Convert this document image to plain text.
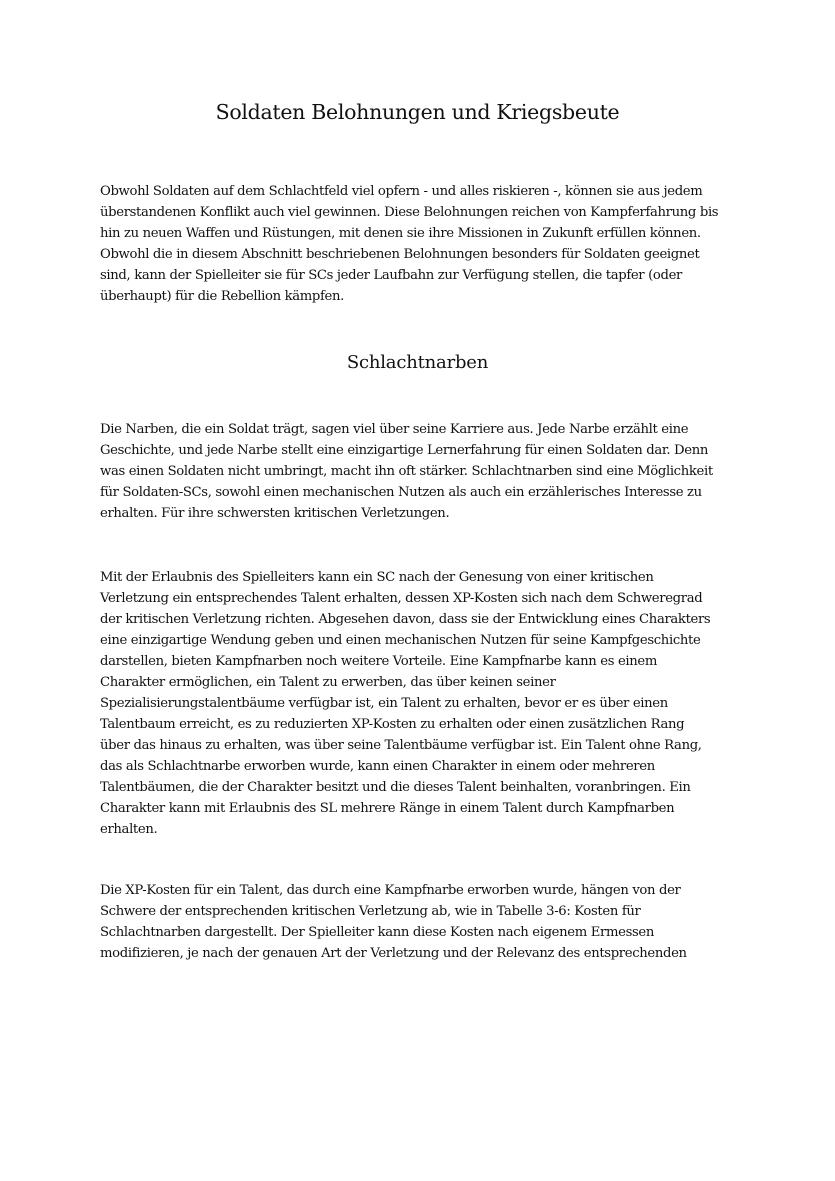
Soldaten Belohnungen und Kriegsbeute
Obwohl Soldaten auf dem Schlachtfeld viel opfern - und alles riskieren -, können sie aus jedem
überstandenen Konflikt auch viel gewinnen. Diese Belohnungen reichen von Kampferfahrung bis
hin zu neuen Waffen und Rüstungen, mit denen sie ihre Missionen in Zukunft erfüllen können.
Obwohl die in diesem Abschnitt beschriebenen Belohnungen besonders für Soldaten geeignet
sind, kann der Spielleiter sie für SCs jeder Laufbahn zur Verfügung stellen, die tapfer (oder
überhaupt) für die Rebellion kämpfen.
Schlachtnarben
Die Narben, die ein Soldat trägt, sagen viel über seine Karriere aus. Jede Narbe erzählt eine
Geschichte, und jede Narbe stellt eine einzigartige Lernerfahrung für einen Soldaten dar. Denn
was einen Soldaten nicht umbringt, macht ihn oft stärker. Schlachtnarben sind eine Möglichkeit
für Soldaten-SCs, sowohl einen mechanischen Nutzen als auch ein erzählerisches Interesse zu
erhalten. Für ihre schwersten kritischen Verletzungen.
Mit der Erlaubnis des Spielleiters kann ein SC nach der Genesung von einer kritischen
Verletzung ein entsprechendes Talent erhalten, dessen XP-Kosten sich nach dem Schweregrad
der kritischen Verletzung richten. Abgesehen davon, dass sie der Entwicklung eines Charakters
eine einzigartige Wendung geben und einen mechanischen Nutzen für seine Kampfgeschichte
darstellen, bieten Kampfnarben noch weitere Vorteile. Eine Kampfnarbe kann es einem
Charakter ermöglichen, ein Talent zu erwerben, das über keinen seiner
Spezialisierungstalentbäume verfügbar ist, ein Talent zu erhalten, bevor er es über einen
Talentbaum erreicht, es zu reduzierten XP-Kosten zu erhalten oder einen zusätzlichen Rang
über das hinaus zu erhalten, was über seine Talentbäume verfügbar ist. Ein Talent ohne Rang,
das als Schlachtnarbe erworben wurde, kann einen Charakter in einem oder mehreren
Talentbäumen, die der Charakter besitzt und die dieses Talent beinhalten, voranbringen. Ein
Charakter kann mit Erlaubnis des SL mehrere Ränge in einem Talent durch Kampfnarben
erhalten.
Die XP-Kosten für ein Talent, das durch eine Kampfnarbe erworben wurde, hängen von der
Schwere der entsprechenden kritischen Verletzung ab, wie in Tabelle 3-6: Kosten für
Schlachtnarben dargestellt. Der Spielleiter kann diese Kosten nach eigenem Ermessen
modifizieren, je nach der genauen Art der Verletzung und der Relevanz des entsprechenden
